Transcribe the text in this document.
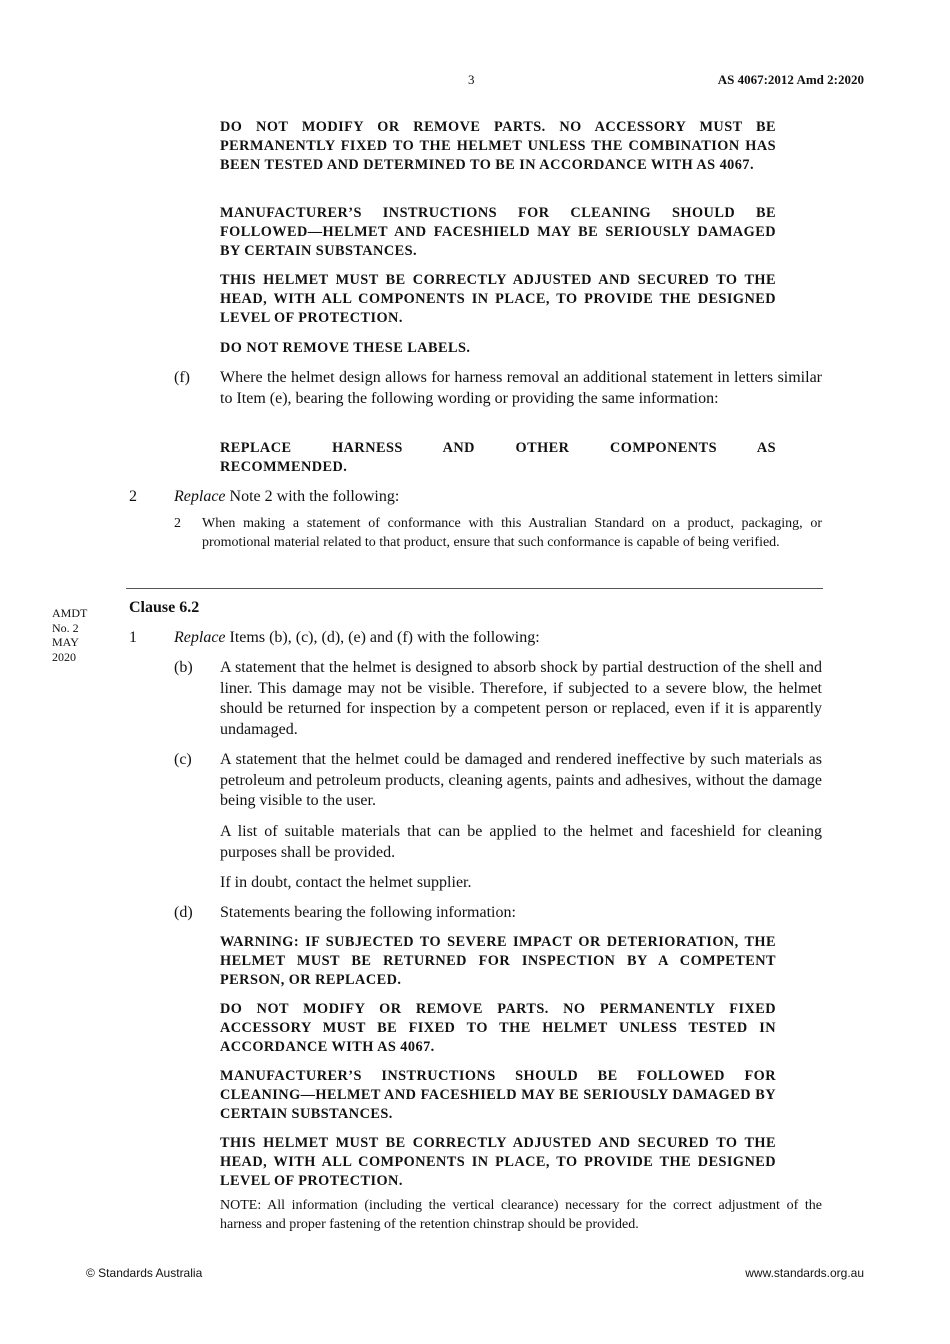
3	AS 4067:2012 Amd 2:2020

DO NOT MODIFY OR REMOVE PARTS. NO ACCESSORY MUST BE PERMANENTLY FIXED TO THE HELMET UNLESS THE COMBINATION HAS BEEN TESTED AND DETERMINED TO BE IN ACCORDANCE WITH AS 4067.

MANUFACTURER’S INSTRUCTIONS FOR CLEANING SHOULD BE FOLLOWED—HELMET AND FACESHIELD MAY BE SERIOUSLY DAMAGED BY CERTAIN SUBSTANCES.

THIS HELMET MUST BE CORRECTLY ADJUSTED AND SECURED TO THE HEAD, WITH ALL COMPONENTS IN PLACE, TO PROVIDE THE DESIGNED LEVEL OF PROTECTION.

DO NOT REMOVE THESE LABELS.

(f) Where the helmet design allows for harness removal an additional statement in letters similar to Item (e), bearing the following wording or providing the same information:

REPLACE HARNESS AND OTHER COMPONENTS AS

RECOMMENDED.

2 Replace Note 2 with the following:
2 When making a statement of conformance with this Australian Standard on a product, packaging, or promotional material related to that product, ensure that such conformance is capable of being verified.

AMDT
No. 2
MAY
2020
Clause 6.2
1 Replace Items (b), (c), (d), (e) and (f) with the following:
(b) A statement that the helmet is designed to absorb shock by partial destruction of the shell and liner. This damage may not be visible. Therefore, if subjected to a severe blow, the helmet should be returned for inspection by a competent person or replaced, even if it is apparently undamaged.

(c) A statement that the helmet could be damaged and rendered ineffective by such materials as petroleum and petroleum products, cleaning agents, paints and adhesives, without the damage being visible to the user.

A list of suitable materials that can be applied to the helmet and faceshield for cleaning purposes shall be provided.

If in doubt, contact the helmet supplier.

(d) Statements bearing the following information:

WARNING: IF SUBJECTED TO SEVERE IMPACT OR DETERIORATION, THE HELMET MUST BE RETURNED FOR INSPECTION BY A COMPETENT PERSON, OR REPLACED.

DO NOT MODIFY OR REMOVE PARTS. NO PERMANENTLY FIXED ACCESSORY MUST BE FIXED TO THE HELMET UNLESS TESTED IN ACCORDANCE WITH AS 4067.

MANUFACTURER’S INSTRUCTIONS SHOULD BE FOLLOWED FOR CLEANING—HELMET AND FACESHIELD MAY BE SERIOUSLY DAMAGED BY CERTAIN SUBSTANCES.

THIS HELMET MUST BE CORRECTLY ADJUSTED AND SECURED TO THE HEAD, WITH ALL COMPONENTS IN PLACE, TO PROVIDE THE DESIGNED LEVEL OF PROTECTION.

NOTE: All information (including the vertical clearance) necessary for the correct adjustment of the harness and proper fastening of the retention chinstrap should be provided.

© Standards Australia	www.standards.org.au
